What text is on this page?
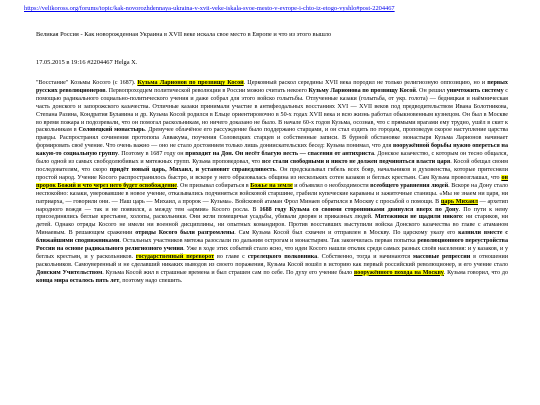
https://velikoross.org/forums/topic/kak-novorozhdennaya-ukraina-v-xvii-veke-iskala-svoe-mesto-v-evrope-i-chto-iz-etogo-vyshlo#post-2204467
Великая Россия - Как новорожденная Украина в XVII веке искала свое место в Европе и что из этого вышло
17.05.2015 в 19:16 #2204467 Helga X.
"Восстание" Козьмы Косого (с 1687). Кузьма Ларионов по прозвищу Косой. Церковный раскол середины XVII века породил не только религиозную оппозицию, но и первых русских революционеров. Первопроходцем политической революции в России можно считать некоего Кузьму Ларионова по прозвищу Косой. Он решил уничтожить систему с помощью радикального социально-политического учения и даже собрал для этого войско голытьбы. Отлученные казаки (голытьба, от укр. голота) — бедняцкая и наёмническая часть донского и запорожского казачества. Отличные казаки принимали участие в антифеодальных восстаниях XVI — XVII веков под предводительством Ивана Болотникова, Степана Разина, Кондратия Булавина и др. Кузьма Косой родился в Ельце ориентировочно в 50-х годах XVII века и всю жизнь работал обыкновенным кузнецом. Он был в Москве во время пожара и подозревали, что он помогал раскольникам, но ничего доказано не было. В начале 60-х годов Кузьма, осознав, что с прямыми врагами ему трудно, ушёл в скит к раскольникам в Соловецкий монастырь. Дремучее облачёное его рассуждение было поддержано старцами, и он стал ездить по городам, проповедуя скорое наступление царства правды. Распространял сочинения протопопа Аввакума, поучения Соловецких старцев и собственные записи. В бурной обстановке монастыря Кузьма Ларионов начинает формировать своё учение. Что очень важно — оно не стало достоянием только лишь дониискательских бесед: Кузьма понимал, что для вооружённой борьбы нужно опереться на какую-то социальную группу. Поэтому в 1687 году он приходит на Дон. Он несёт благую весть — спасения от антихриста. Донское казачество, с которым он тесно общался, было одной из самых свободолюбивых и мятежных групп. Кузьма проповедовал, что все стали свободными и никто не должен подчиняться власти царя. Косой обещал своим последователям, что скоро придёт новый царь, Михаил, и установит справедливость. Он предсказывал гибель всех бояр, начальников и духовенства, которые притесняли простой народ. Учение Косого распространилось быстро, и вскоре у него образовалась община из нескольких сотен казаков и беглых крестьян. Сам Кузьма провозглашал, что он пророк Божий и что через него будет освобождение. Он призывал собираться в Божье на земле и объявлял о необходимости всеобщего уравнения людей. Вскоре на Дону стало неспокойно: казаки, уверовавшие в новое учение, отказывались подчиняться войсковой старшине, грабили купеческие караваны и зажиточные станицы. «Мы не знаем ни царя, ни патриарха, — говорили они. — Наш царь — Михаил, а пророк — Кузьма». Войсковой атаман Фрол Минаев обратился в Москву с просьбой о помощи. В царь Михаил — архетип народного вождя — так и не появился, а между тем «армия» Косого росла. В 1688 году Кузьма со своими сторонниками двинулся вверх по Дону. По пути к нему присоединялись беглые крестьяне, холопы, раскольники. Они жгли помещичьи усадьбы, убивали дворян и приказных людей. Мятежники не щадили никого: ни стариков, ни детей. Однако отряды Косого не имели ни военной дисциплины, ни опытных командиров. Против восставших выступили войска Донского казачества во главе с атаманом Минаевым. В решающем сражении отряды Косого были разгромлены. Сам Кузьма Косой был схвачен и отправлен в Москву. По царскому указу его казнили вместе с ближайшими сподвижниками. Остальных участников мятежа разослали по дальним острогам и монастырям. Так закончилась первая попытка революционного переустройства России на основе радикального религиозного учения. Уже в ходе этих событий стало ясно, что идеи Косого нашли отклик среди самых разных слоёв населения: и у казаков, и у беглых крестьян, и у раскольников. государственный переворот во главе с стрелецкого полковника. Собственно, тогда и начинаются массовые репрессии в отношении раскольников. Самоуверенный и не сделавший никаких выводов из своего поражения, Кузьма Косой вошёл в историю как первый российский революционер, и его учение стало Донским Учительством. Кузьма Косой жил в страшные времена и был страшен сам по себе. По духу его учение было вооружённого похода на Москву. Кузьма говорил, что до конца мира осталось пять лет, поэтому надо спешить.
